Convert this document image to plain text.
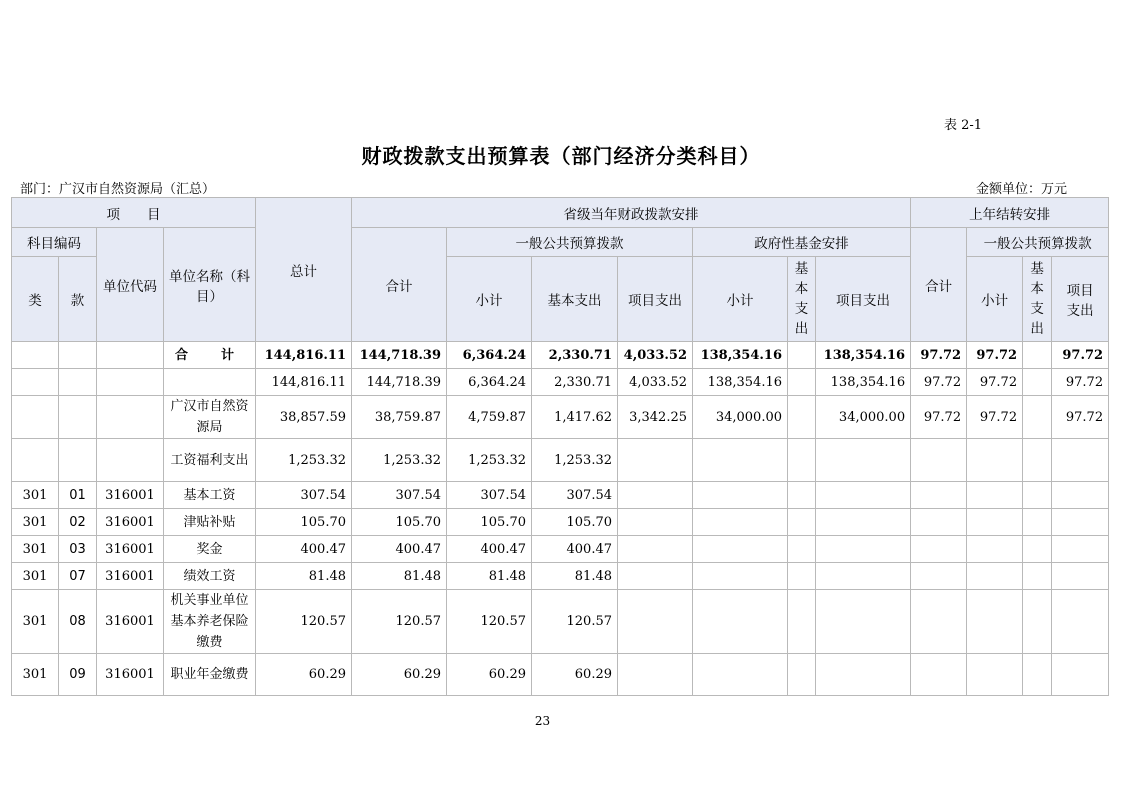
表 2-1
财政拨款支出预算表（部门经济分类科目）
部门：广汉市自然资源局（汇总）	金额单位：万元
项　　目				总计	省级当年财政拨款安排							上年结转安排			
科目编码		单位代码	单位名称（科目）		合计	一般公共预算拨款			政府性基金安排			合计	一般公共预算拨款		
类	款					小计	基本支出	项目支出	小计	基本支出	项目支出		小计	基本支出	项目支出
			合　计	144,816.11	144,718.39	6,364.24	2,330.71	4,033.52	138,354.16		138,354.16	97.72	97.72		97.72
				144,816.11	144,718.39	6,364.24	2,330.71	4,033.52	138,354.16		138,354.16	97.72	97.72		97.72
			广汉市自然资源局	38,857.59	38,759.87	4,759.87	1,417.62	3,342.25	34,000.00		34,000.00	97.72	97.72		97.72
			工资福利支出	1,253.32	1,253.32	1,253.32	1,253.32								
301	01	316001	基本工资	307.54	307.54	307.54	307.54								
301	02	316001	津贴补贴	105.70	105.70	105.70	105.70								
301	03	316001	奖金	400.47	400.47	400.47	400.47								
301	07	316001	绩效工资	81.48	81.48	81.48	81.48								
301	08	316001	机关事业单位基本养老保险缴费	120.57	120.57	120.57	120.57								
301	09	316001	职业年金缴费	60.29	60.29	60.29	60.29								
23
